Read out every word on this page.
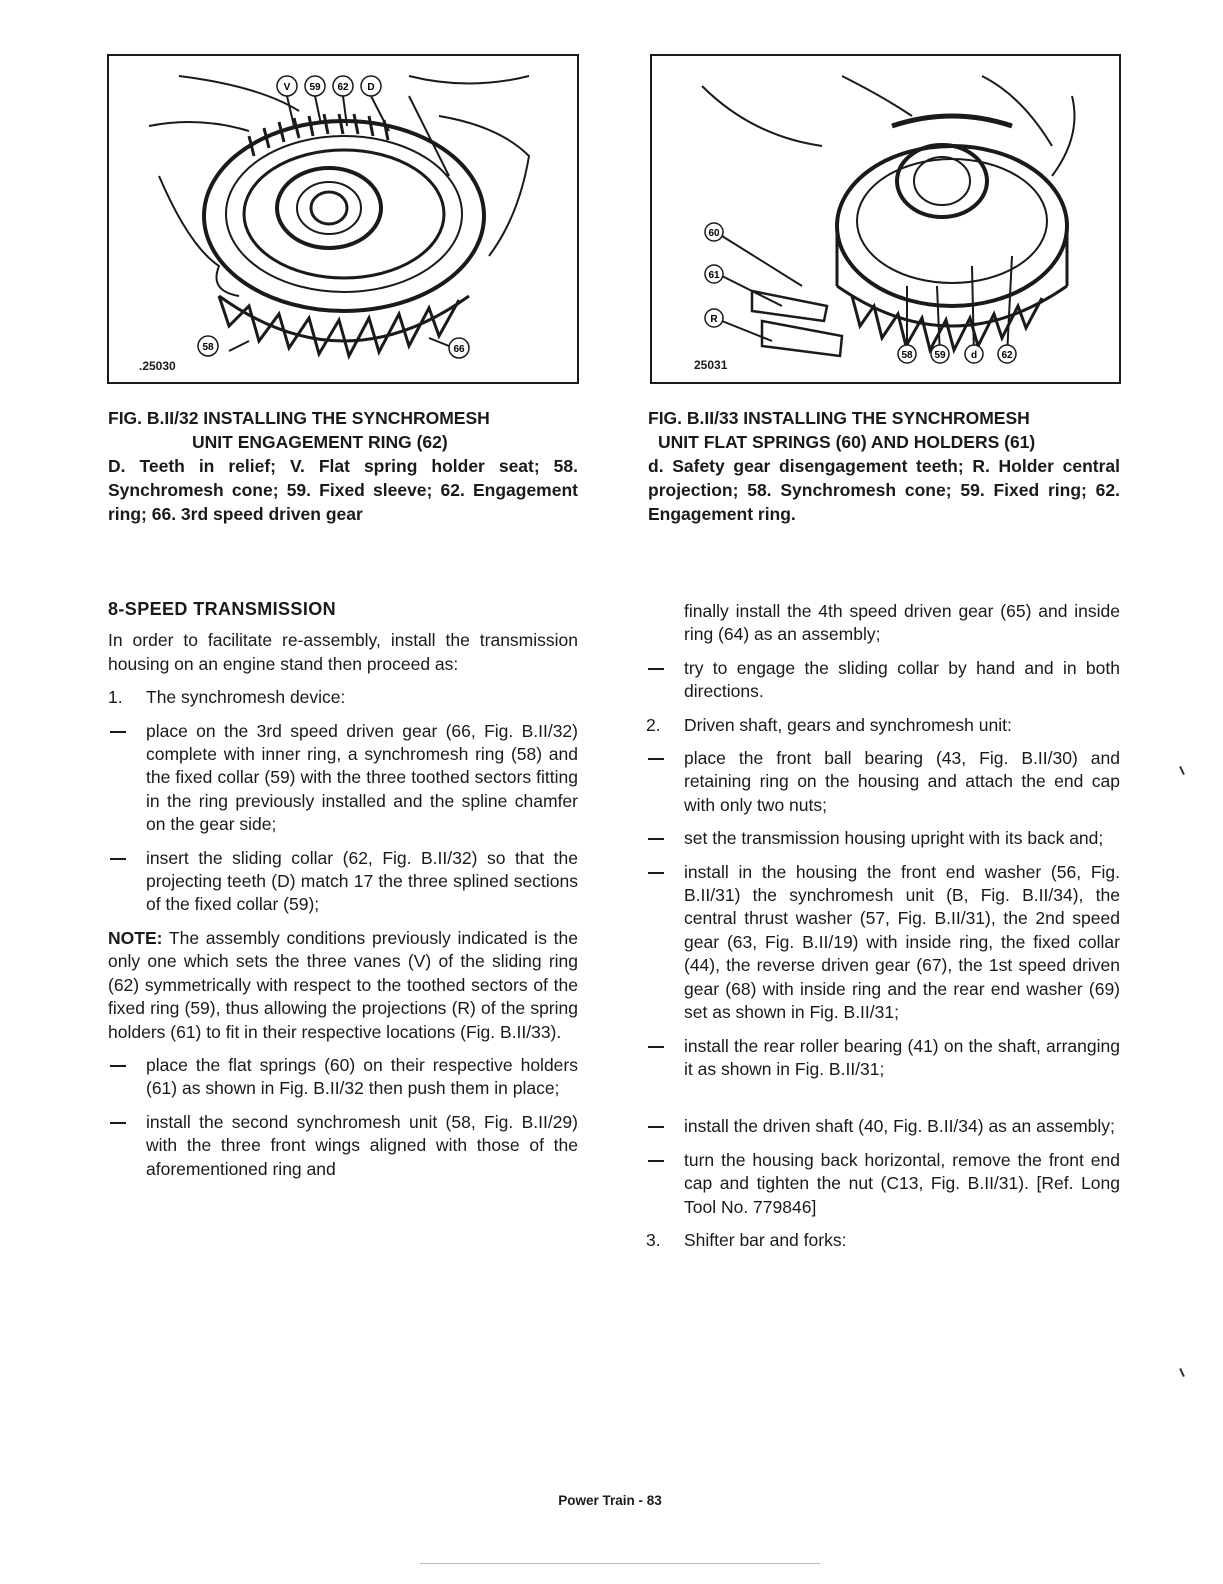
V 59 62 D
58	66
.25030
60
61
R
58 59	d 62
25031
FIG. B.II/32 INSTALLING THE SYNCHROMESH
UNIT ENGAGEMENT RING (62)
D. Teeth in relief; V. Flat spring holder seat; 58. Synchromesh cone; 59. Fixed sleeve; 62. Engagement ring; 66. 3rd speed driven gear
FIG. B.II/33 INSTALLING THE SYNCHROMESH
UNIT FLAT SPRINGS (60) AND HOLDERS (61)
d. Safety gear disengagement teeth; R. Holder central projection; 58. Synchromesh cone; 59. Fixed ring; 62. Engagement ring.
8-SPEED TRANSMISSION

In order to facilitate re-assembly, install the transmission housing on an engine stand then proceed as:

1.	The synchromesh device:
place on the 3rd speed driven gear (66, Fig. B.II/32) complete with inner ring, a synchromesh ring (58) and the fixed collar (59) with the three toothed sectors fitting in the ring previously installed and the spline chamfer on the gear side;
insert the sliding collar (62, Fig. B.II/32) so that the projecting teeth (D) match 17 the three splined sections of the fixed collar (59);

NOTE: The assembly conditions previously indicated is the only one which sets the three vanes (V) of the sliding ring (62) symmetrically with respect to the toothed sectors of the fixed ring (59), thus allowing the projections (R) of the spring holders (61) to fit in their respective locations (Fig. B.II/33).

place the flat springs (60) on their respective holders (61) as shown in Fig. B.II/32 then push them in place;
install the second synchromesh unit (58, Fig. B.II/29) with the three front wings aligned with those of the aforementioned ring and

finally install the 4th speed driven gear (65) and inside ring (64) as an assembly;

try to engage the sliding collar by hand and in both directions.
2.	Driven shaft, gears and synchromesh unit:
place the front ball bearing (43, Fig. B.II/30) and retaining ring on the housing and attach the end cap with only two nuts;
set the transmission housing upright with its back and;
install in the housing the front end washer (56, Fig. B.II/31) the synchromesh unit (B, Fig. B.II/34), the central thrust washer (57, Fig. B.II/31), the 2nd speed gear (63, Fig. B.II/19) with inside ring, the fixed collar (44), the reverse driven gear (67), the 1st speed driven gear (68) with inside ring and the rear end washer (69) set as shown in Fig. B.II/31;
install the rear roller bearing (41) on the shaft, arranging it as shown in Fig. B.II/31;
install the driven shaft (40, Fig. B.II/34) as an assembly;
turn the housing back horizontal, remove the front end cap and tighten the nut (C13, Fig. B.II/31). [Ref. Long Tool No. 779846]
3.	Shifter bar and forks:
Power Train - 83
